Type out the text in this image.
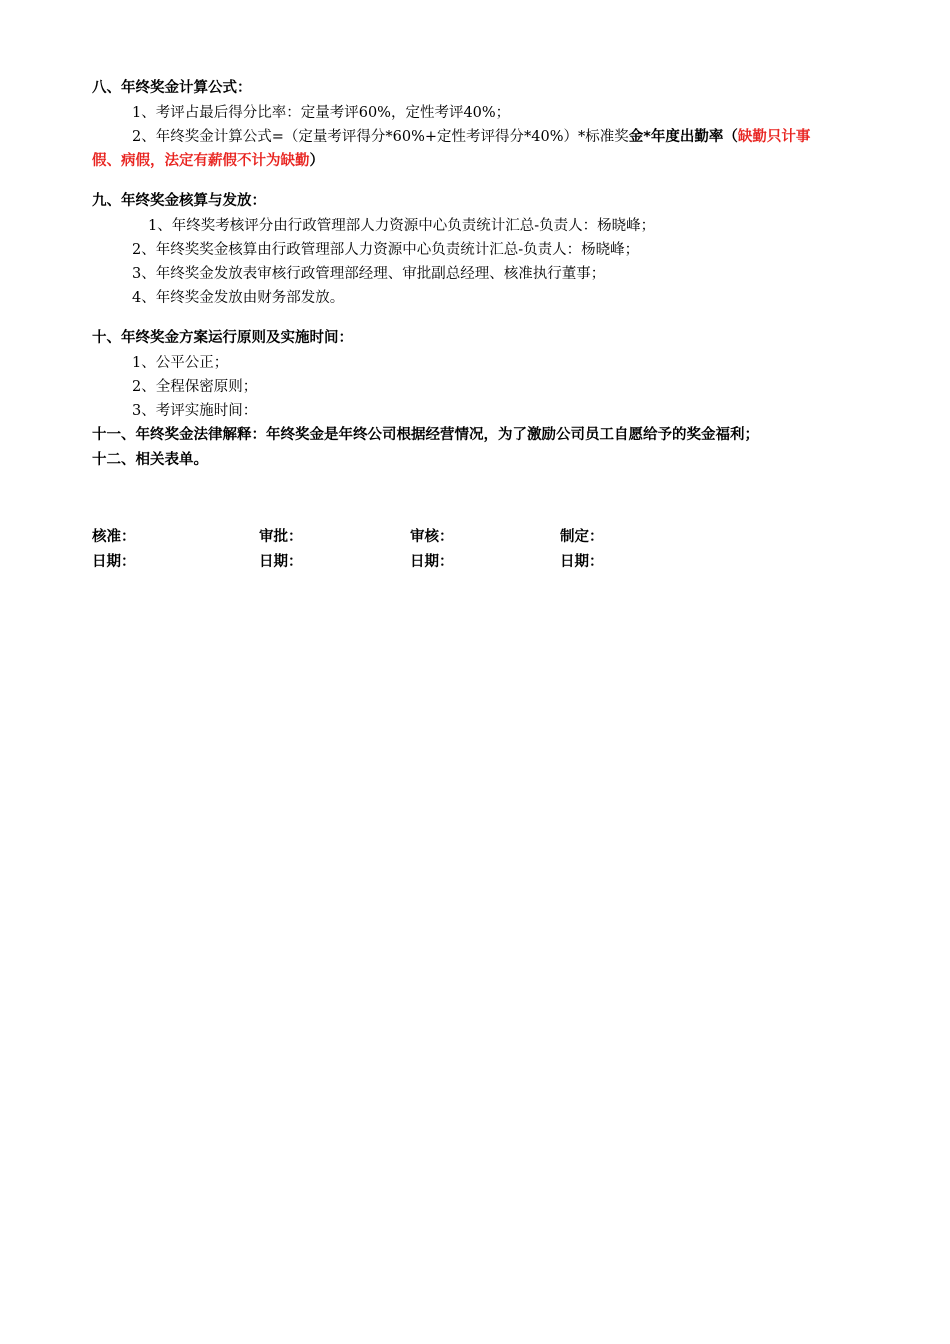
八、年终奖金计算公式：
1、考评占最后得分比率：定量考评60%，定性考评40%；
2、年终奖金计算公式=（定量考评得分*60%+定性考评得分*40%）*标准奖金*年度出勤率（缺勤只计事
假、病假，法定有薪假不计为缺勤）
九、年终奖金核算与发放：
1、年终奖考核评分由行政管理部人力资源中心负责统计汇总-负责人：杨晓峰；
2、年终奖奖金核算由行政管理部人力资源中心负责统计汇总-负责人：杨晓峰；
3、年终奖金发放表审核行政管理部经理、审批副总经理、核准执行董事；
4、年终奖金发放由财务部发放。
十、年终奖金方案运行原则及实施时间：
1、公平公正；
2、全程保密原则；
3、考评实施时间：
十一、年终奖金法律解释：年终奖金是年终公司根据经营情况，为了激励公司员工自愿给予的奖金福利；
十二、相关表单。
核准：	审批：	审核：	制定：
日期：	日期：	日期：	日期：
